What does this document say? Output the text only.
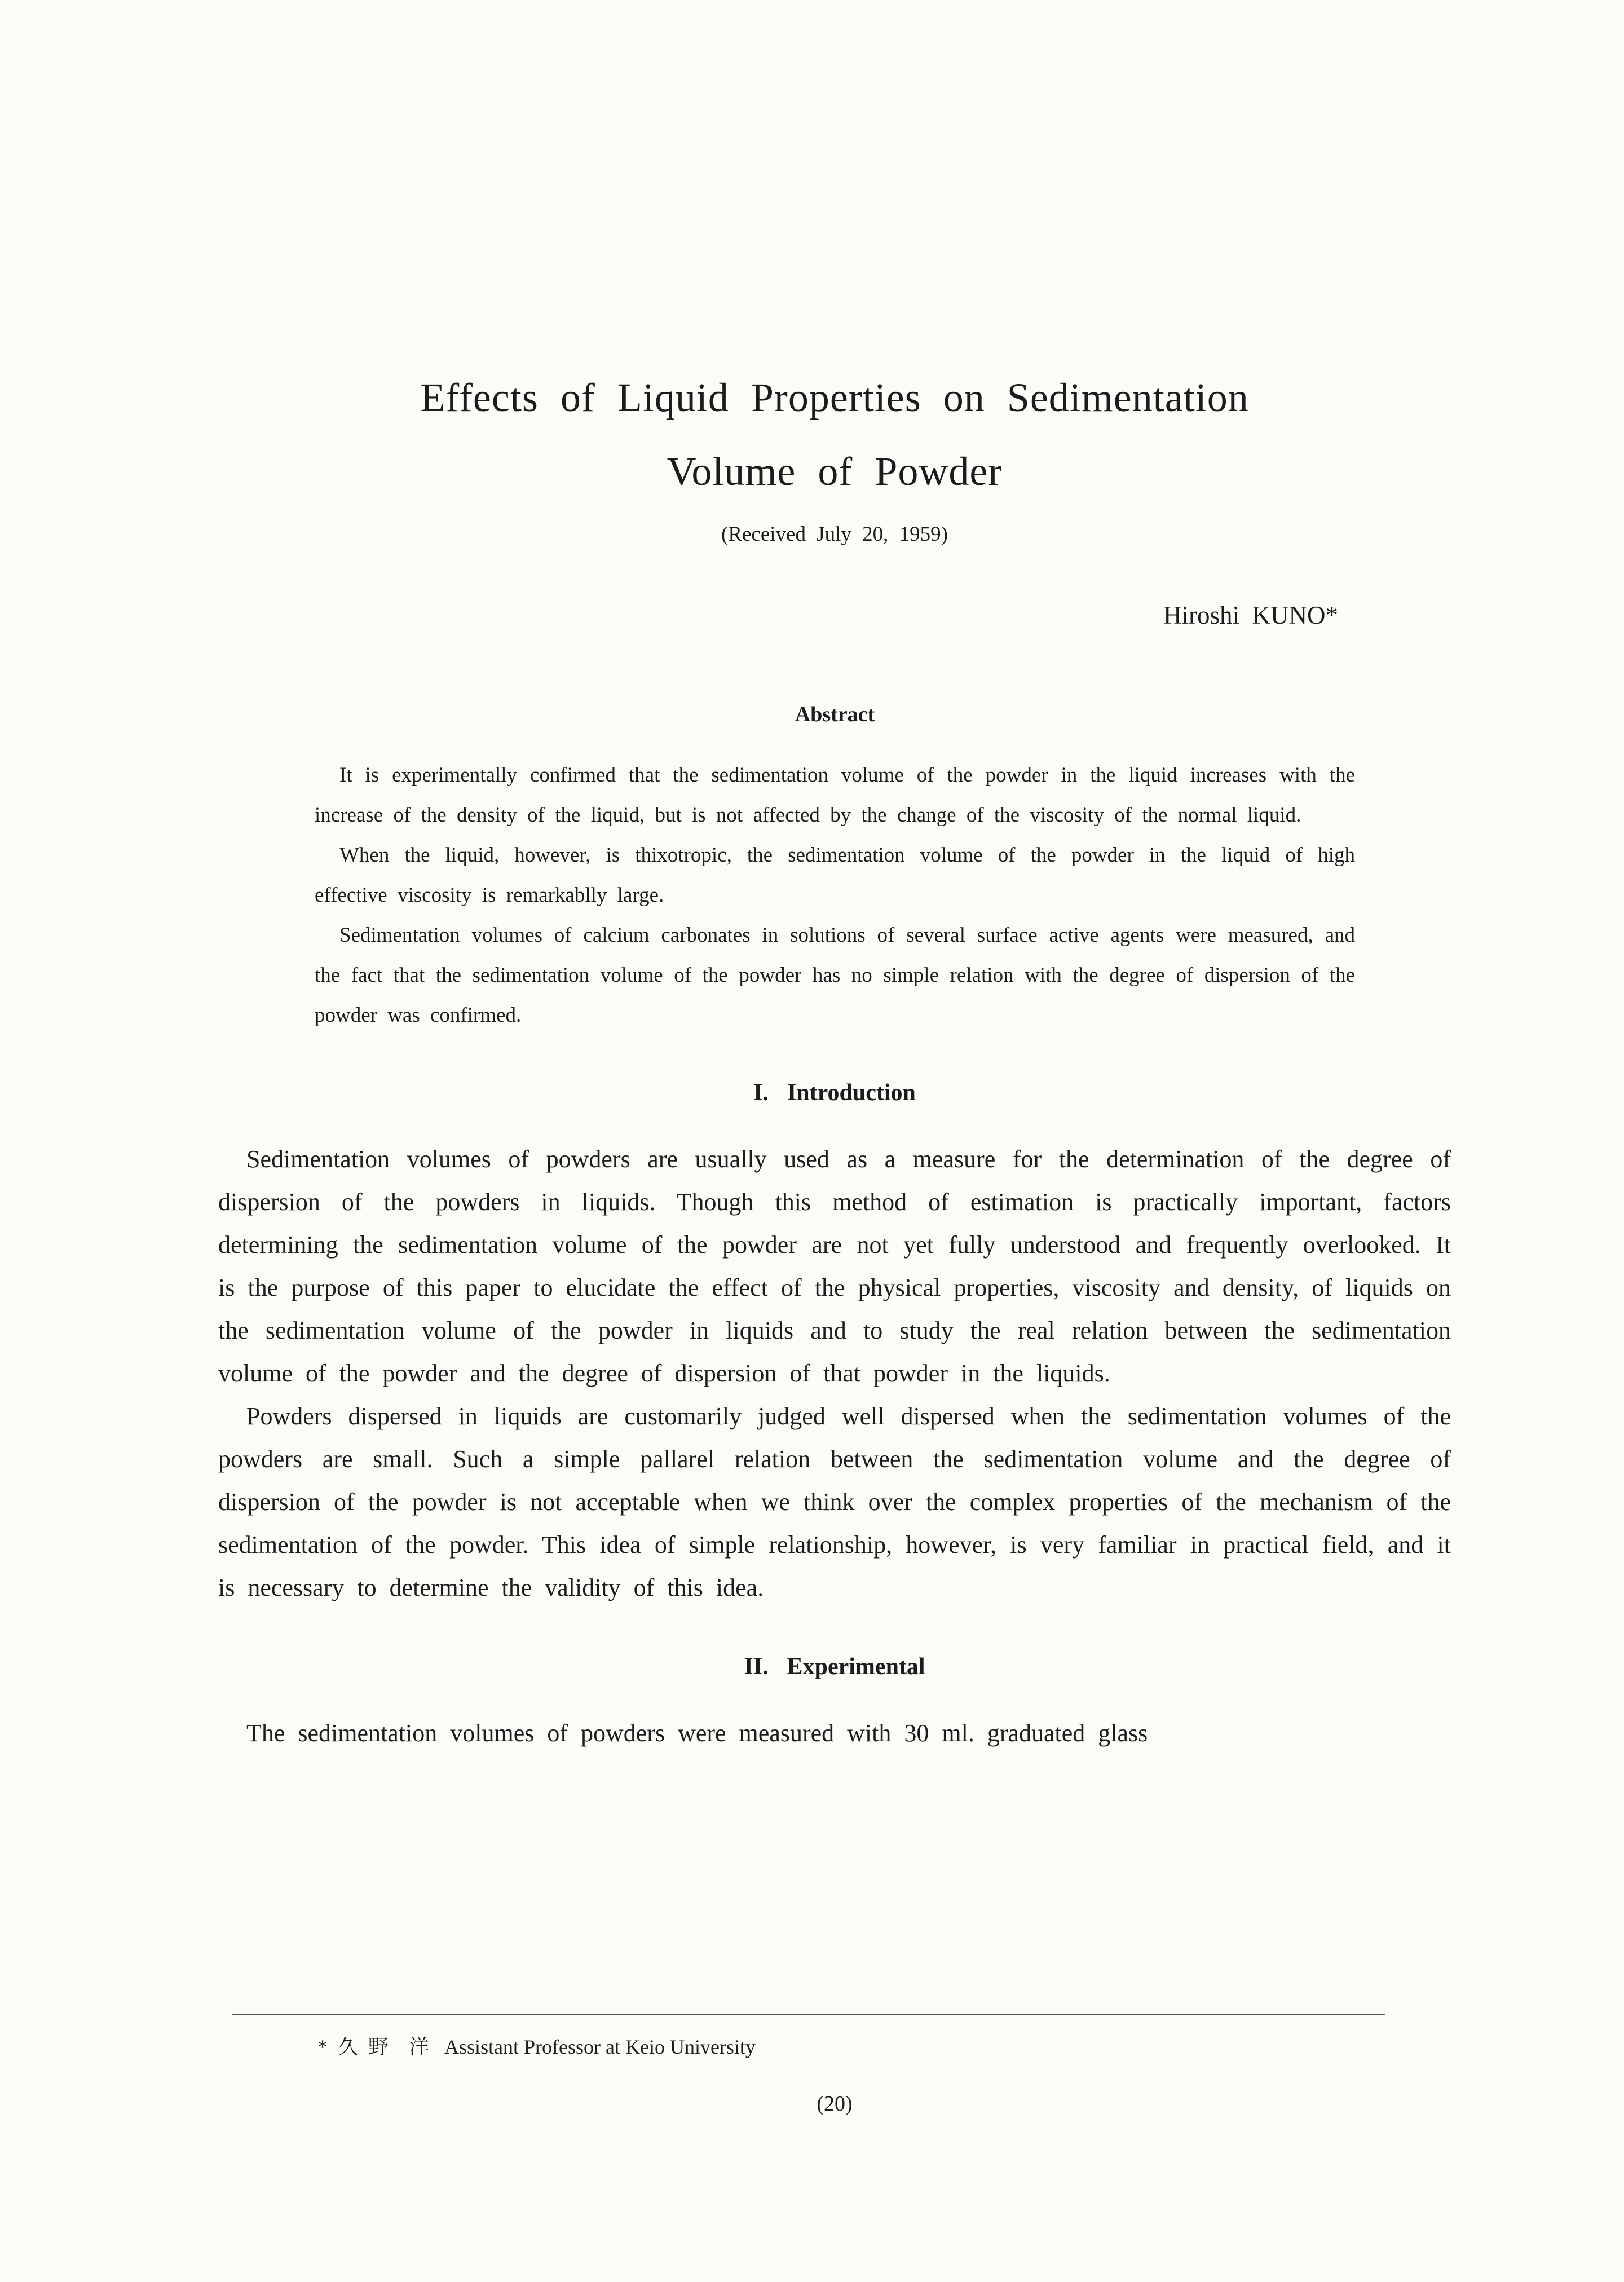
Effects of Liquid Properties on Sedimentation
Volume of Powder

(Received July 20, 1959)

Hiroshi  KUNO*

Abstract

It is experimentally confirmed that the sedimentation volume of the powder in the liquid increases with the increase of the density of the liquid, but is not affected by the change of the viscosity of the normal liquid.

When the liquid, however, is thixotropic, the sedimentation volume of the powder in the liquid of high effective viscosity is remarkablly large.

Sedimentation volumes of calcium carbonates in solutions of several surface active agents were measured, and the fact that the sedimentation volume of the powder has no simple relation with the degree of dispersion of the powder was confirmed.

I.  Introduction

Sedimentation volumes of powders are usually used as a measure for the determination of the degree of dispersion of the powders in liquids. Though this method of estimation is practically important, factors determining the sedimentation volume of the powder are not yet fully understood and frequently overlooked. It is the purpose of this paper to elucidate the effect of the physical properties, viscosity and density, of liquids on the sedimentation volume of the powder in liquids and to study the real relation between the sedimentation volume of the powder and the degree of dispersion of that powder in the liquids.

Powders dispersed in liquids are customarily judged well dispersed when the sedimentation volumes of the powders are small. Such a simple pallarel relation between the sedimentation volume and the degree of dispersion of the powder is not acceptable when we think over the complex properties of the mechanism of the sedimentation of the powder. This idea of simple relationship, however, is very familiar in practical field, and it is necessary to determine the validity of this idea.

II.  Experimental

The sedimentation volumes of powders were measured with 30 ml. graduated glass

*  久  野    洋   Assistant Professor at Keio University

(20)
